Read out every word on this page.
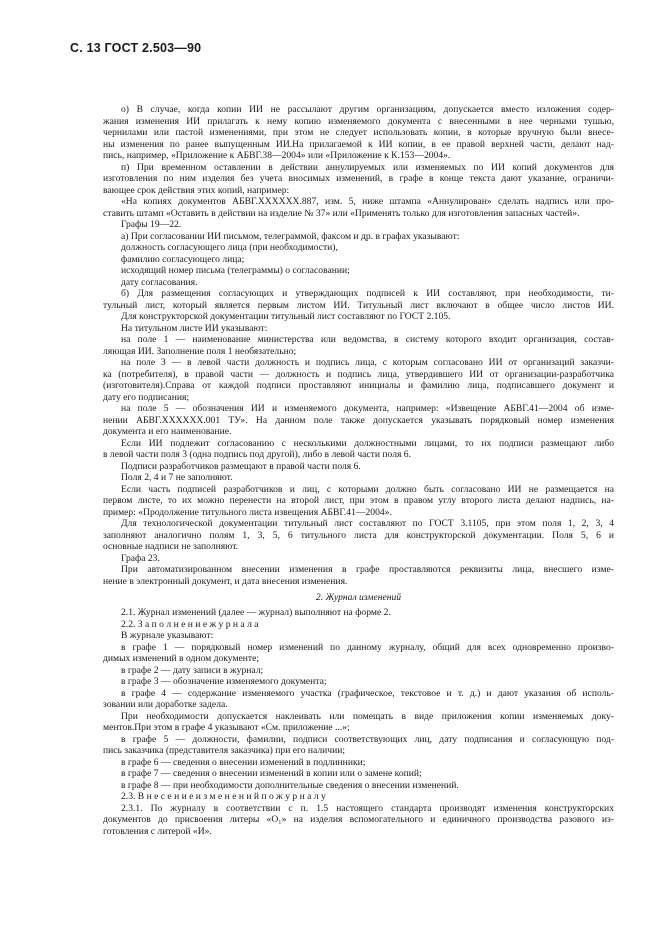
С. 13 ГОСТ 2.503—90
о) В случае, когда копии ИИ не рассылают другим организациям, допускается вместо изложения содер-
жания изменения ИИ прилагать к нему копию изменяемого документа с внесенными в нее черными тушью,
чернилами или пастой изменениями, при этом не следует использовать копии, в которые вручную были внесе-
ны изменения по ранее выпущенным ИИ.На прилагаемой к ИИ копии, в ее правой верхней части, делают над-
пись, например, «Приложение к АБВГ.38—2004» или «Приложение к К.153—2004».
п) При временном оставлении в действии аннулируемых или изменяемых по ИИ копий документов для
изготовления по ним изделия без учета вносимых изменений, в графе в конце текста дают указание, ограничи-
вающее срок действия этих копий, например:
«На копиях документов АБВГ.ХХХХХХ.887, изм. 5, ниже штампа «Аннулирован» сделать надпись или про-
ставить штамп «Оставить в действии на изделие № 37» или «Применять только для изготовления запасных частей».
Графы 19—22.
а) При согласовании ИИ письмом, телеграммой, факсом и др. в графах указывают:
должность согласующего лица (при необходимости),
фамилию согласующего лица;
исходящий номер письма (телеграммы) о согласовании;
дату согласования.
б) Для размещения согласующих и утверждающих подписей к ИИ составляют, при необходимости, ти-
тульный лист, который является первым листом ИИ. Титульный лист включают в общее число листов ИИ.
Для конструкторской документации титульный лист составляют по ГОСТ 2.105.
На титульном листе ИИ указывают:
на поле 1 — наименование министерства или ведомства, в систему которого входит организация, состав-
ляющая ИИ. Заполнение поля 1 необязательно;
на поле 3 — в левой части должность и подпись лица, с которым согласовано ИИ от организаций заказчи-
ка (потребителя), в правой части — должность и подпись лица, утвердившего ИИ от организации-разработчика
(изготовителя).Справа от каждой подписи проставляют инициалы и фамилию лица, подписавшего документ и
дату его подписания;
на поле 5 — обозначения ИИ и изменяемого документа, например: «Извещение АБВГ.41—2004 об изме-
нении АБВГ.ХХХХХХ.001 ТУ». На данном поле также допускается указывать порядковый номер изменения
документа и его наименование.
Если ИИ подлежит согласованию с несколькими должностными лицами, то их подписи размещают либо
в левой части поля 3 (одна подпись под другой), либо в левой части поля 6.
Подписи разработчиков размещают в правой части поля 6.
Поля 2, 4 и 7 не заполняют.
Если часть подписей разработчиков и лиц, с которыми должно быть согласовано ИИ не размещается на
первом листе, то их можно перенести на второй лист, при этом в правом углу второго листа делают надпись, на-
пример: «Продолжение титульного листа извещения АБВГ.41—2004».
Для технологической документации титульный лист составляют по ГОСТ 3.1105, при этом поля 1, 2, 3, 4
заполняют аналогично полям 1, 3, 5, 6 титульного листа для конструкторской документации. Поля 5, 6 и
основные надписи не заполняют.
Графа 23.
При автоматизированном внесении изменения в графе проставляются реквизиты лица, внесшего изме-
нение в электронный документ, и дата внесения изменения.
2. Журнал изменений
2.1. Журнал изменений (далее — журнал) выполняют на форме 2.
2.2. З а п о л н е н и е ж у р н а л а
В журнале указывают:
в графе 1 — порядковый номер изменений по данному журналу, общий для всех одновременно произво-
димых изменений в одном документе;
в графе 2 — дату записи в журнал;
в графе 3 — обозначение изменяемого документа;
в графе 4 — содержание изменяемого участка (графическое, текстовое и т. д.) и дают указания об исполь-
зовании или доработке задела.
При необходимости допускается наклеивать или помещать в виде приложения копии изменяемых доку-
ментов.При этом в графе 4 указывают «См. приложение ...»;
в графе 5 — должности, фамилии, подписи соответствующих лиц, дату подписания и согласующую под-
пись заказчика (представителя заказчика) при его наличии;
в графе 6 — сведения о внесении изменений в подлинники;
в графе 7 — сведения о внесении изменений в копии или о замене копий;
в графе 8 — при необходимости дополнительные сведения о внесении изменений.
2.3. В н е с е н и е и з м е н е н и й п о ж у р н а л у
2.3.1. По журналу в соответствии с п. 1.5 настоящего стандарта производят изменения конструкторских
документов до присвоения литеры «О₁» на изделия вспомогательного и единичного производства разового из-
готовления с литерой «И».
